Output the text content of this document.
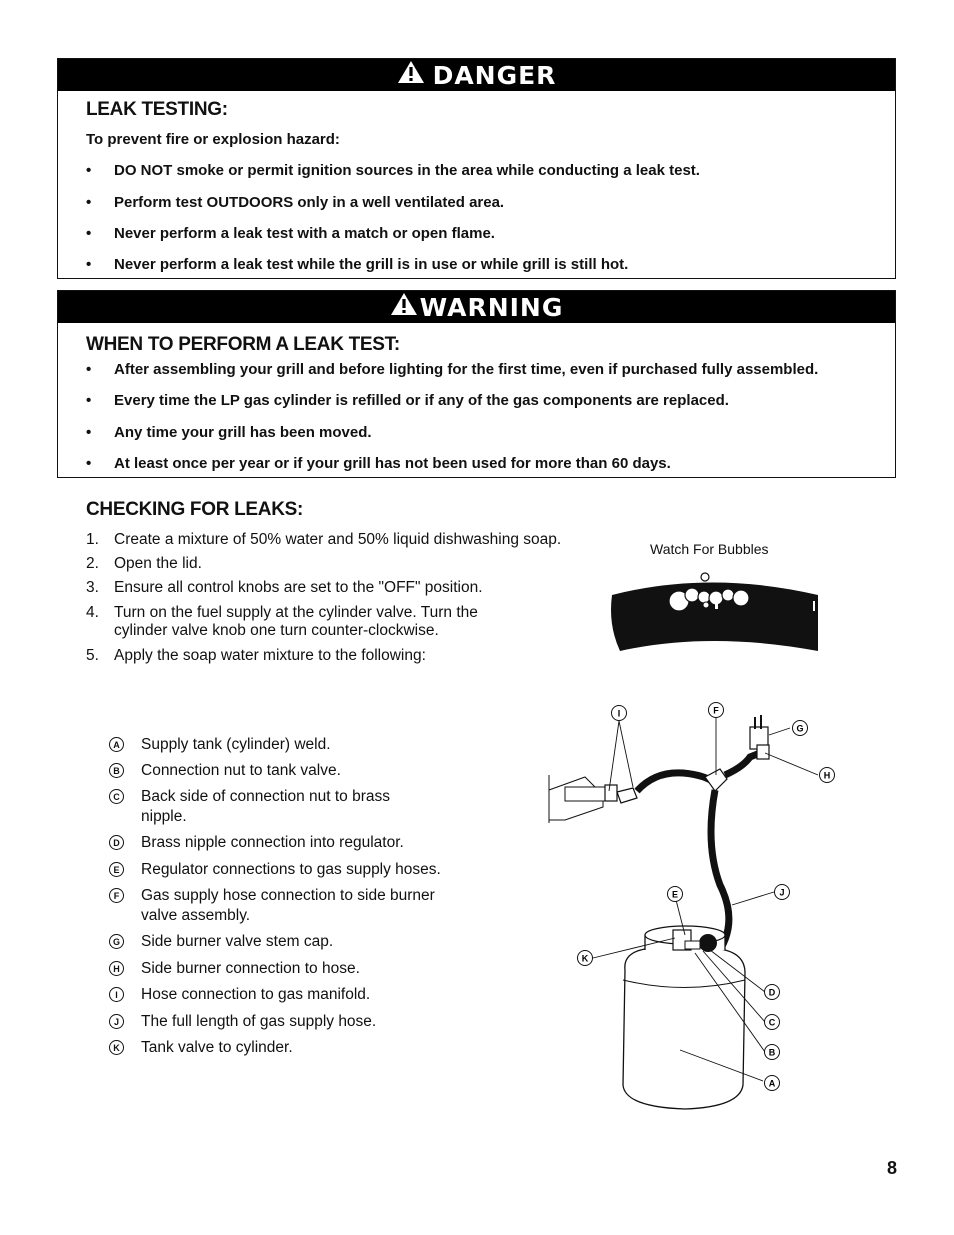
DANGER
LEAK TESTING:
To prevent fire or explosion hazard:
•	DO NOT smoke or permit ignition sources in the area while conducting a leak test.
•	Perform test OUTDOORS only in a well ventilated area.
•	Never perform a leak test with a match or open flame.
•	Never perform a leak test while the grill is in use or while grill is still hot.
WARNING
WHEN TO PERFORM A LEAK TEST:
•	After assembling your grill and before lighting for the first time, even if purchased fully assembled.
•	Every time the LP gas cylinder is refilled or if any of the gas components are replaced.
•	Any time your grill has been moved.
•	At least once per year or if your grill has not been used for more than 60 days.
CHECKING FOR LEAKS:
1. Create a mixture of 50% water and 50% liquid dishwashing soap.
2. Open the lid.
3. Ensure all control knobs are set to the "OFF" position.
4. Turn on the fuel supply at the cylinder valve. Turn the cylinder valve knob one turn counter-clockwise.
5. Apply the soap water mixture to the following:
A Supply tank (cylinder) weld.
B Connection nut to tank valve.
C Back side of connection nut to brass nipple.
D Brass nipple connection into regulator.
E Regulator connections to gas supply hoses.
F	Gas supply hose connection to side burner valve assembly.
G Side burner valve stem cap.
H Side burner connection to hose.
I	Hose connection to gas manifold.
J	The full length of gas supply hose.
K Tank valve to cylinder.
Watch For Bubbles
I	F
G
H
E	J
K
D
C
B
A
8
